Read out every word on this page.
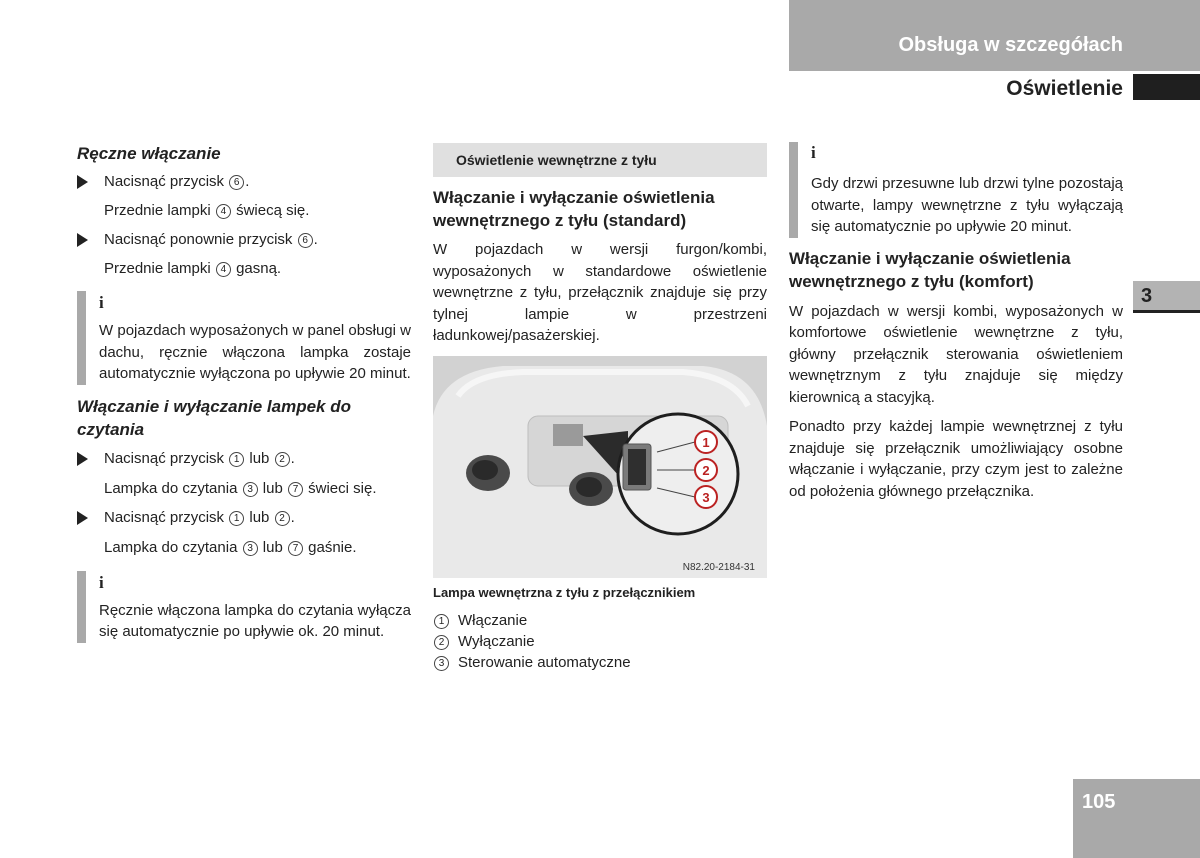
Obsługa w szczegółach
Oświetlenie
3
Ręczne włączanie
Nacisnąć przycisk 6 .
Przednie lampki 4 świecą się.
Nacisnąć ponownie przycisk 6 .
Przednie lampki 4 gasną.
i
W pojazdach wyposażonych w panel obsługi w dachu, ręcznie włączona lampka zostaje automatycznie wyłączona po upływie 20 minut.
Włączanie i wyłączanie lampek do czytania
Nacisnąć przycisk 1 lub 2 .
Lampka do czytania 3 lub 7 świeci się.
Nacisnąć przycisk 1 lub 2 .
Lampka do czytania 3 lub 7 gaśnie.
i
Ręcznie włączona lampka do czytania wyłącza się automatycznie po upływie ok. 20 minut.
Oświetlenie wewnętrzne z tyłu
Włączanie i wyłączanie oświetlenia wewnętrznego z tyłu (standard)
W pojazdach w wersji furgon/kombi, wyposażonych w standardowe oświetlenie wewnętrzne z tyłu, przełącznik znajduje się przy tylnej lampie w przestrzeni ładunkowej/pasażerskiej.
1
2
3
N82.20-2184-31
Lampa wewnętrzna z tyłu z przełącznikiem
1 Włączanie
2 Wyłączanie
3 Sterowanie automatyczne
i
Gdy drzwi przesuwne lub drzwi tylne pozostają otwarte, lampy wewnętrzne z tyłu wyłączają się automatycznie po upływie 20 minut.
Włączanie i wyłączanie oświetlenia wewnętrznego z tyłu (komfort)
W pojazdach w wersji kombi, wyposażonych w komfortowe oświetlenie wewnętrzne z tyłu, główny przełącznik sterowania oświetleniem wewnętrznym z tyłu znajduje się między kierownicą a stacyjką.
Ponadto przy każdej lampie wewnętrznej z tyłu znajduje się przełącznik umożliwiający osobne włączanie i wyłączanie, przy czym jest to zależne od położenia głównego przełącznika.
105
